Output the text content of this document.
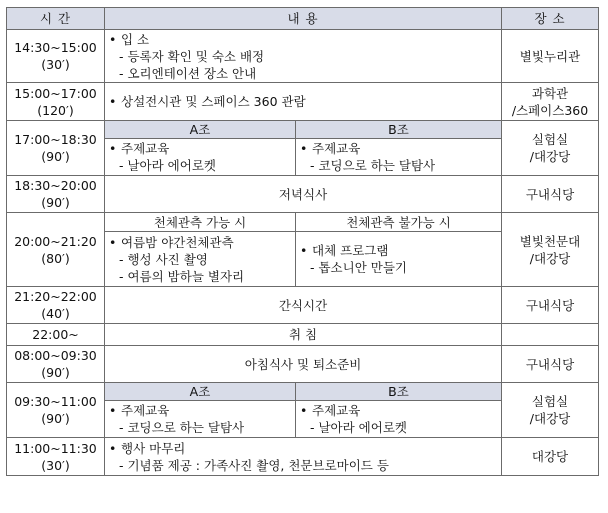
시 간	내 용		장 소

14:30~15:00
(30′)	• 입 소
- 등록자 확인 및 숙소 배정
- 오리엔테이션 장소 안내		별빛누리관

15:00~17:00
(120′)	• 상설전시관 및 스페이스 360 관람		과학관
/스페이스360

17:00~18:30
(90′)	A조	B조	실험실
/대강당

	• 주제교육
- 날아라 에어로켓	• 주제교육
- 코딩으로 하는 달탐사	

18:30~20:00
(90′)	저녁식사		구내식당

20:00~21:20
(80′)	천체관측 가능 시	천체관측 불가능 시	별빛천문대
/대강당

	• 여름밤 야간천체관측
- 행성 사진 촬영
- 여름의 밤하늘 별자리	• 대체 프로그램
- 톱소니안 만들기	

21:20~22:00
(40′)	간식시간		구내식당
22:00~	취 침		

08:00~09:30
(90′)	아침식사 및 퇴소준비		구내식당

09:30~11:00
(90′)	A조	B조	실험실
/대강당

	• 주제교육
- 코딩으로 하는 달탐사	• 주제교육
- 날아라 에어로켓	

11:00~11:30
(30′)	• 행사 마무리
- 기념품 제공 : 가족사진 촬영, 천문브로마이드 등		대강당
